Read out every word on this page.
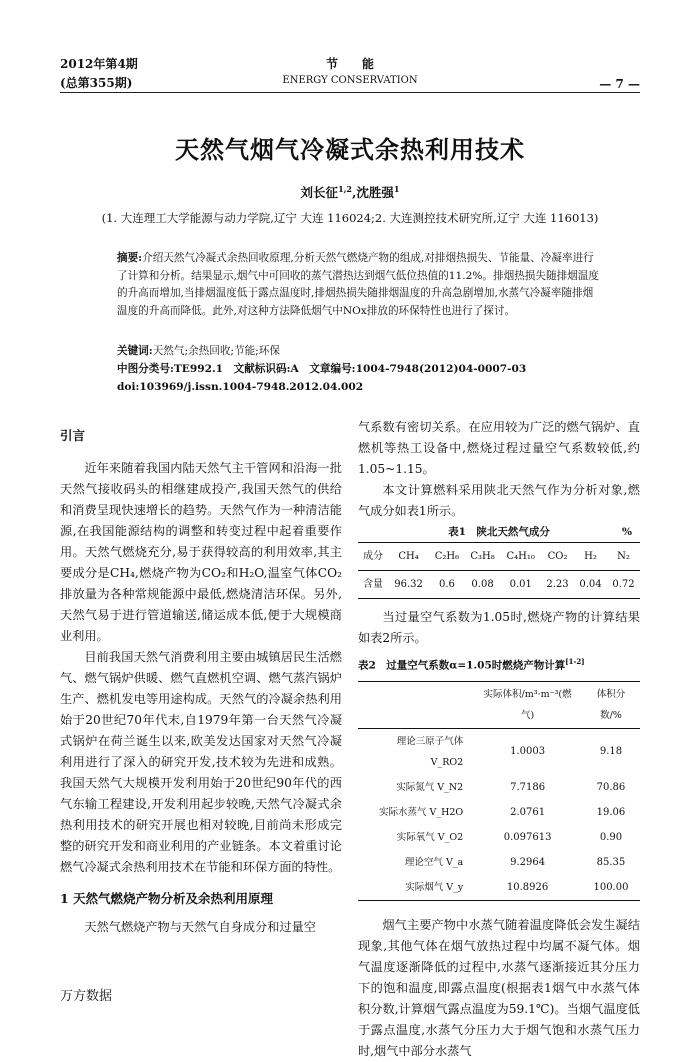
2012年第4期
(总第355期)
节　　能
ENERGY CONSERVATION	— 7 —
天然气烟气冷凝式余热利用技术
刘长征$^{1,2}$,沈胜强$^1$
(1. 大连理工大学能源与动力学院,辽宁 大连 116024;2. 大连测控技术研究所,辽宁 大连 116013)
摘要:介绍天然气冷凝式余热回收原理,分析天然气燃烧产物的组成,对排烟热损失、节能量、冷凝率进行了计算和分析。结果显示,烟气中可回收的蒸气潜热达到烟气低位热值的11.2%。排烟热损失随排烟温度的升高而增加,当排烟温度低于露点温度时,排烟热损失随排烟温度的升高急剧增加,水蒸气冷凝率随排烟温度的升高而降低。此外,对这种方法降低烟气中NOx排放的环保特性也进行了探讨。
关键词:天然气;余热回收;节能;环保
中图分类号:TE992.1　文献标识码:A　文章编号:1004-7948(2012)04-0007-03
doi:103969/j.issn.1004-7948.2012.04.002
引言

近年来随着我国内陆天然气主干管网和沿海一批天然气接收码头的相继建成投产,我国天然气的供给和消费呈现快速增长的趋势。天然气作为一种清洁能源,在我国能源结构的调整和转变过程中起着重要作用。天然气燃烧充分,易于获得较高的利用效率,其主要成分是CH₄,燃烧产物为CO₂和H₂O,温室气体CO₂排放量为各种常规能源中最低,燃烧清洁环保。另外,天然气易于进行管道输送,储运成本低,便于大规模商业利用。

目前我国天然气消费利用主要由城镇居民生活燃气、燃气锅炉供暖、燃气直燃机空调、燃气蒸汽锅炉生产、燃机发电等用途构成。天然气的冷凝余热利用始于20世纪70年代末,自1979年第一台天然气冷凝式锅炉在荷兰诞生以来,欧美发达国家对天然气冷凝利用进行了深入的研究开发,技术较为先进和成熟。我国天然气大规模开发利用始于20世纪90年代的西气东输工程建设,开发利用起步较晚,天然气冷凝式余热利用技术的研究开展也相对较晚,目前尚未形成完整的研究开发和商业利用的产业链条。本文着重讨论燃气冷凝式余热利用技术在节能和环保方面的特性。

1 天然气燃烧产物分析及余热利用原理

天然气燃烧产物与天然气自身成分和过量空

气系数有密切关系。在应用较为广泛的燃气锅炉、直燃机等热工设备中,燃烧过程过量空气系数较低,约1.05~1.15。

本文计算燃料采用陕北天然气作为分析对象,燃气成分如表1所示。

表1　陕北天然气成分	%
成分	CH₄	C₂H₆	C₃H₈	C₄H₁₀	CO₂	H₂	N₂
含量	96.32	0.6	0.08	0.01	2.23	0.04	0.72

当过量空气系数为1.05时,燃烧产物的计算结果如表2所示。

表2　过量空气系数α=1.05时燃烧产物计算[1-2]
	实际体积/m³·m⁻³(燃气)	体积分数/%
理论三原子气体 V_RO2	1.0003	9.18
实际氮气 V_N2	7.7186	70.86
实际水蒸气 V_H2O	2.0761	19.06
实际氧气 V_O2	0.097613	0.90
理论空气 V_a	9.2964	85.35
实际烟气 V_y	10.8926	100.00

烟气主要产物中水蒸气随着温度降低会发生凝结现象,其他气体在烟气放热过程中均属不凝气体。烟气温度逐渐降低的过程中,水蒸气逐渐接近其分压力下的饱和温度,即露点温度(根据表1烟气中水蒸气体积分数,计算烟气露点温度为59.1℃)。当烟气温度低于露点温度,水蒸气分压力大于烟气饱和水蒸气压力时,烟气中部分水蒸气

万方数据
